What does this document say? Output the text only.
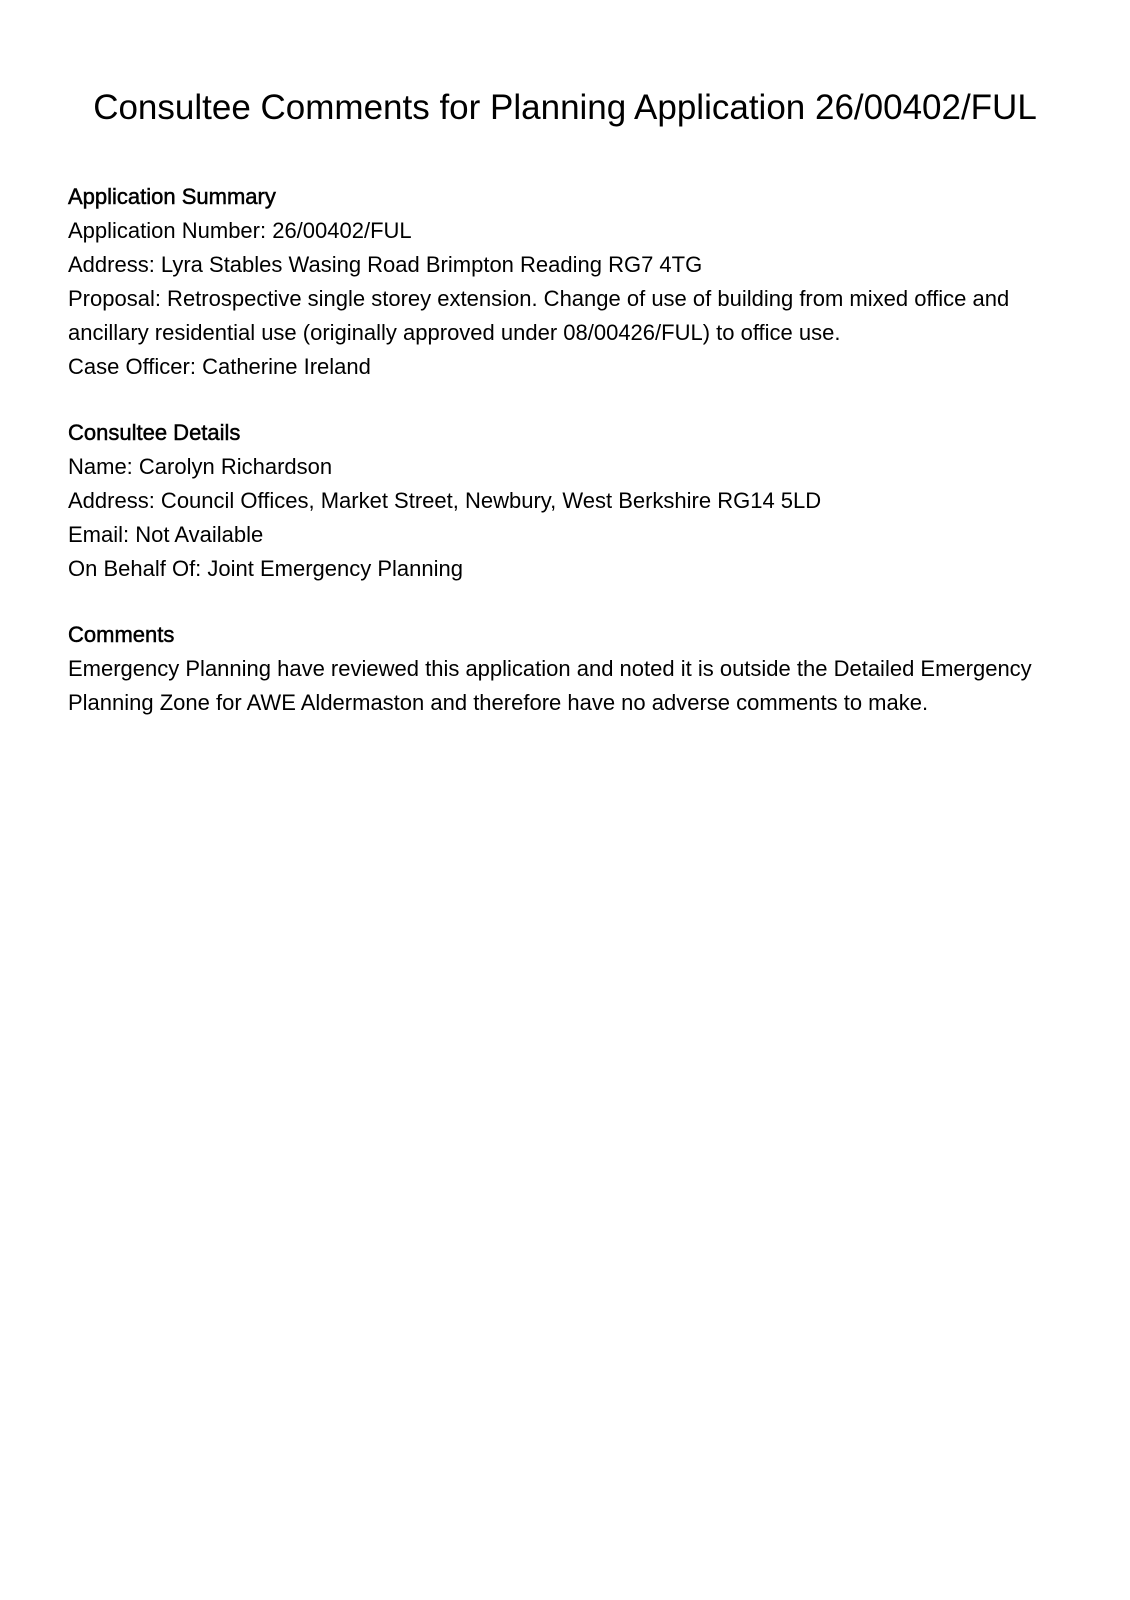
Consultee Comments for Planning Application 26/00402/FUL

Application Summary

Application Number: 26/00402/FUL

Address: Lyra Stables Wasing Road Brimpton Reading RG7 4TG

Proposal: Retrospective single storey extension. Change of use of building from mixed office and ancillary residential use (originally approved under 08/00426/FUL) to office use.

Case Officer: Catherine Ireland

Consultee Details

Name: Carolyn Richardson

Address: Council Offices, Market Street, Newbury, West Berkshire RG14 5LD

Email: Not Available

On Behalf Of: Joint Emergency Planning

Comments

Emergency Planning have reviewed this application and noted it is outside the Detailed Emergency Planning Zone for AWE Aldermaston and therefore have no adverse comments to make.
